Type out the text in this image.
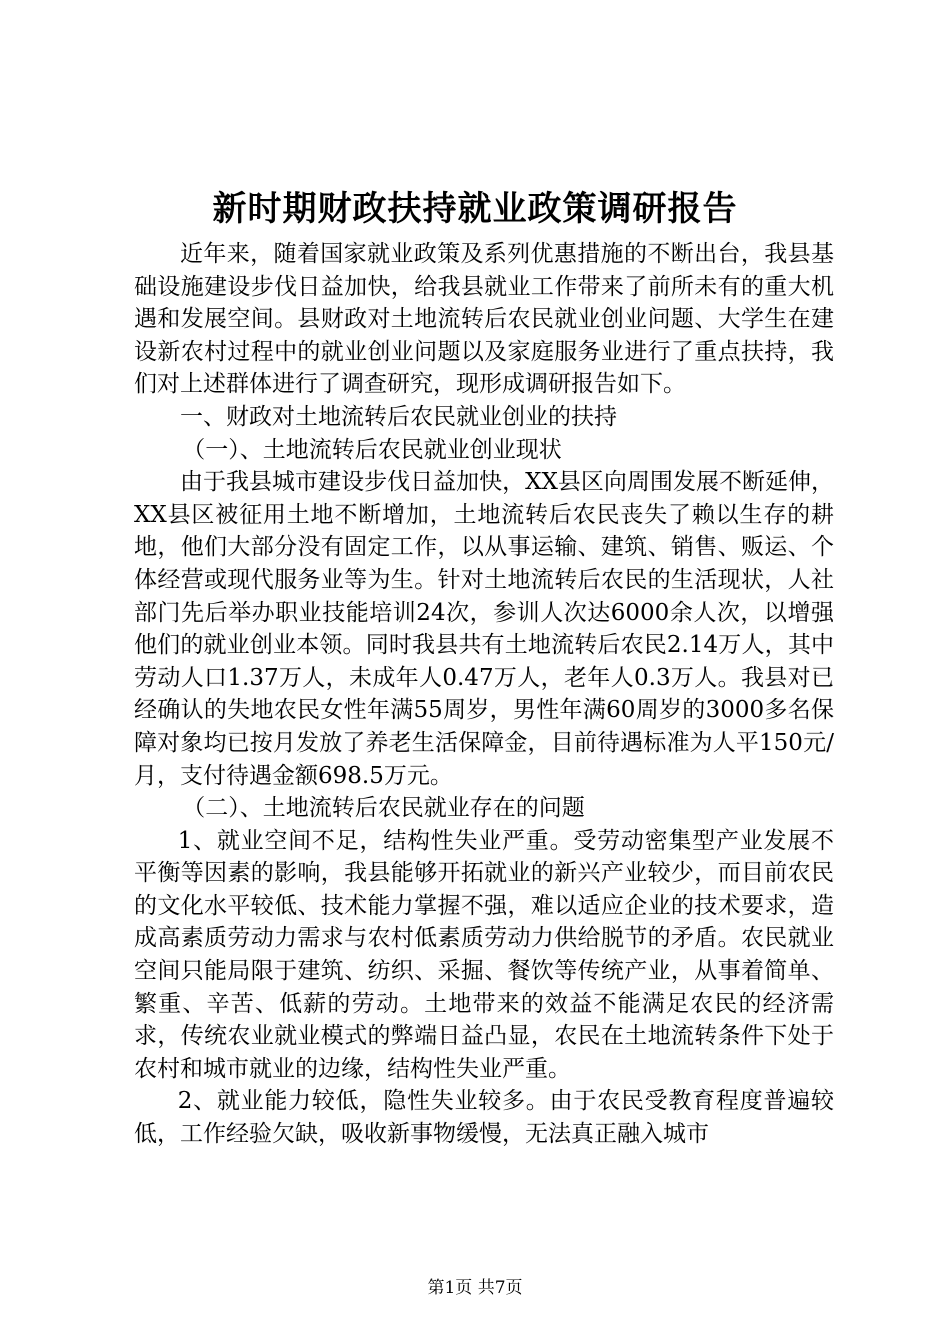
新时期财政扶持就业政策调研报告

近年来，随着国家就业政策及系列优惠措施的不断出台，我县基础设施建设步伐日益加快，给我县就业工作带来了前所未有的重大机遇和发展空间。县财政对土地流转后农民就业创业问题、大学生在建设新农村过程中的就业创业问题以及家庭服务业进行了重点扶持，我们对上述群体进行了调查研究，现形成调研报告如下。

一、财政对土地流转后农民就业创业的扶持

（一）、土地流转后农民就业创业现状

由于我县城市建设步伐日益加快，XX县区向周围发展不断延伸，XX县区被征用土地不断增加，土地流转后农民丧失了赖以生存的耕地，他们大部分没有固定工作，以从事运输、建筑、销售、贩运、个体经营或现代服务业等为生。针对土地流转后农民的生活现状，人社部门先后举办职业技能培训24次，参训人次达6000余人次，以增强他们的就业创业本领。同时我县共有土地流转后农民2.14万人，其中劳动人口1.37万人，未成年人0.47万人，老年人0.3万人。我县对已经确认的失地农民女性年满55周岁，男性年满60周岁的3000多名保障对象均已按月发放了养老生活保障金，目前待遇标准为人平150元/月，支付待遇金额698.5万元。

（二）、土地流转后农民就业存在的问题

1、就业空间不足，结构性失业严重。受劳动密集型产业发展不平衡等因素的影响，我县能够开拓就业的新兴产业较少，而目前农民的文化水平较低、技术能力掌握不强，难以适应企业的技术要求，造成高素质劳动力需求与农村低素质劳动力供给脱节的矛盾。农民就业空间只能局限于建筑、纺织、采掘、餐饮等传统产业，从事着简单、繁重、辛苦、低薪的劳动。土地带来的效益不能满足农民的经济需求，传统农业就业模式的弊端日益凸显，农民在土地流转条件下处于农村和城市就业的边缘，结构性失业严重。

2、就业能力较低，隐性失业较多。由于农民受教育程度普遍较低，工作经验欠缺，吸收新事物缓慢，无法真正融入城市

第1页 共7页
